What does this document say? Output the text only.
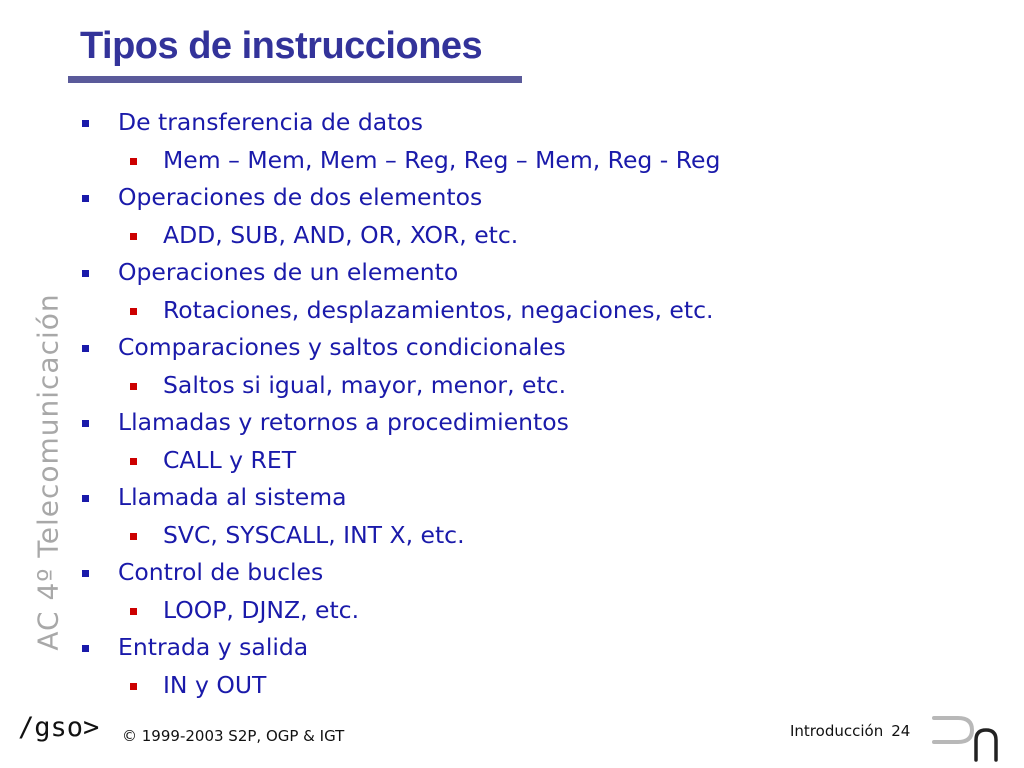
Tipos de instrucciones
De transferencia de datos
Mem – Mem, Mem – Reg, Reg – Mem, Reg - Reg
Operaciones de dos elementos
ADD, SUB, AND, OR, XOR, etc.
Operaciones de un elemento
Rotaciones, desplazamientos, negaciones, etc.
Comparaciones y saltos condicionales
Saltos si igual, mayor, menor, etc.
Llamadas y retornos a procedimientos
CALL y RET
Llamada al sistema
SVC, SYSCALL, INT X, etc.
Control de bucles
LOOP, DJNZ, etc.
Entrada y salida
IN y OUT
AC 4º Telecomunicación
/gso> © 1999-2003 S2P, OGP & IGT	Introducción 24
